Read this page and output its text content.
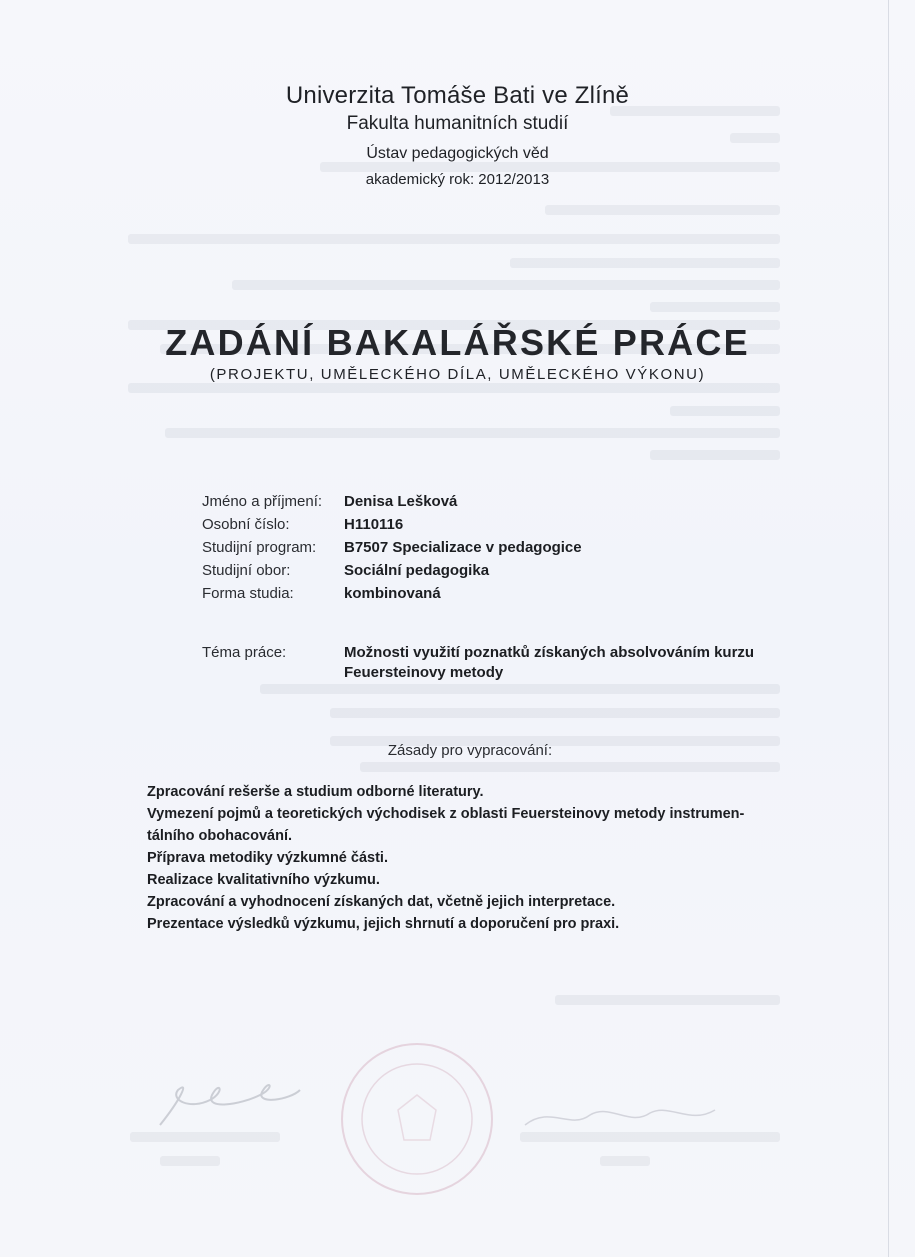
Univerzita Tomáše Bati ve Zlíně
Fakulta humanitních studií
Ústav pedagogických věd
akademický rok: 2012/2013
ZADÁNÍ BAKALÁŘSKÉ PRÁCE
(PROJEKTU, UMĚLECKÉHO DÍLA, UMĚLECKÉHO VÝKONU)
Jméno a příjmení:	Denisa Lešková
Osobní číslo:	H110116
Studijní program:	B7507 Specializace v pedagogice
Studijní obor:	Sociální pedagogika
Forma studia:	kombinovaná
Téma práce:	Možnosti využití poznatků získaných absolvováním kurzu Feuersteinovy metody
Zásady pro vypracování:
Zpracování rešerše a studium odborné literatury.
Vymezení pojmů a teoretických východisek z oblasti Feuersteinovy metody instrumen-
tálního obohacování.
Příprava metodiky výzkumné části.
Realizace kvalitativního výzkumu.
Zpracování a vyhodnocení získaných dat, včetně jejich interpretace.
Prezentace výsledků výzkumu, jejich shrnutí a doporučení pro praxi.
